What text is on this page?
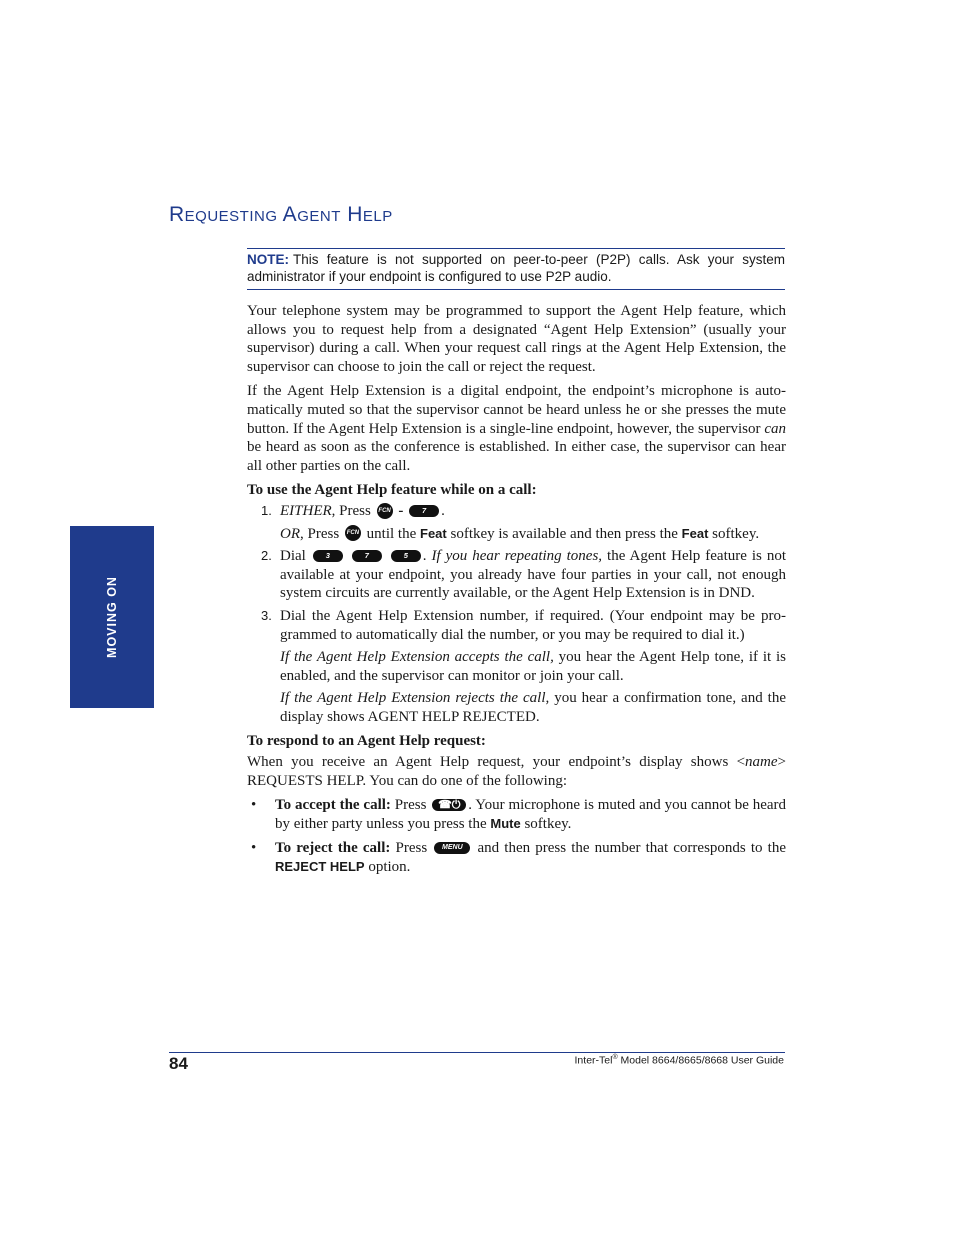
Requesting Agent Help
NOTE: This feature is not supported on peer-to-peer (P2P) calls. Ask your system administrator if your endpoint is configured to use P2P audio.

Your telephone system may be programmed to support the Agent Help feature, which allows you to request help from a designated “Agent Help Extension” (usually your supervisor) during a call. When your request call rings at the Agent Help Extension, the supervisor can choose to join the call or reject the request.

If the Agent Help Extension is a digital endpoint, the endpoint’s microphone is auto-matically muted so that the supervisor cannot be heard unless he or she presses the mute button. If the Agent Help Extension is a single-line endpoint, however, the supervisor can be heard as soon as the conference is established. In either case, the supervisor can hear all other parties on the call.

To use the Agent Help feature while on a call:

1. EITHER, Press FCN - 7 .
OR, Press FCN until the Feat softkey is available and then press the Feat softkey.
2. Dial 3	7	5 . If you hear repeating tones, the Agent Help feature is not available at your endpoint, you already have four parties in your call, not enough system circuits are currently available, or the Agent Help Extension is in DND.
3. Dial the Agent Help Extension number, if required. (Your endpoint may be pro-grammed to automatically dial the number, or you may be required to dial it.)
If the Agent Help Extension accepts the call, you hear the Agent Help tone, if it is enabled, and the supervisor can monitor or join your call.
If the Agent Help Extension rejects the call, you hear a confirmation tone, and the display shows AGENT HELP REJECTED.

To respond to an Agent Help request:

When you receive an Agent Help request, your endpoint’s display shows <name> REQUESTS HELP. You can do one of the following:

• To accept the call: Press ☎⏻ . Your microphone is muted and you cannot be heard by either party unless you press the Mute softkey.
• To reject the call: Press MENU and then press the number that corresponds to the REJECT HELP option.
MOVING ON
84	Inter-Tel® Model 8664/8665/8668 User Guide
